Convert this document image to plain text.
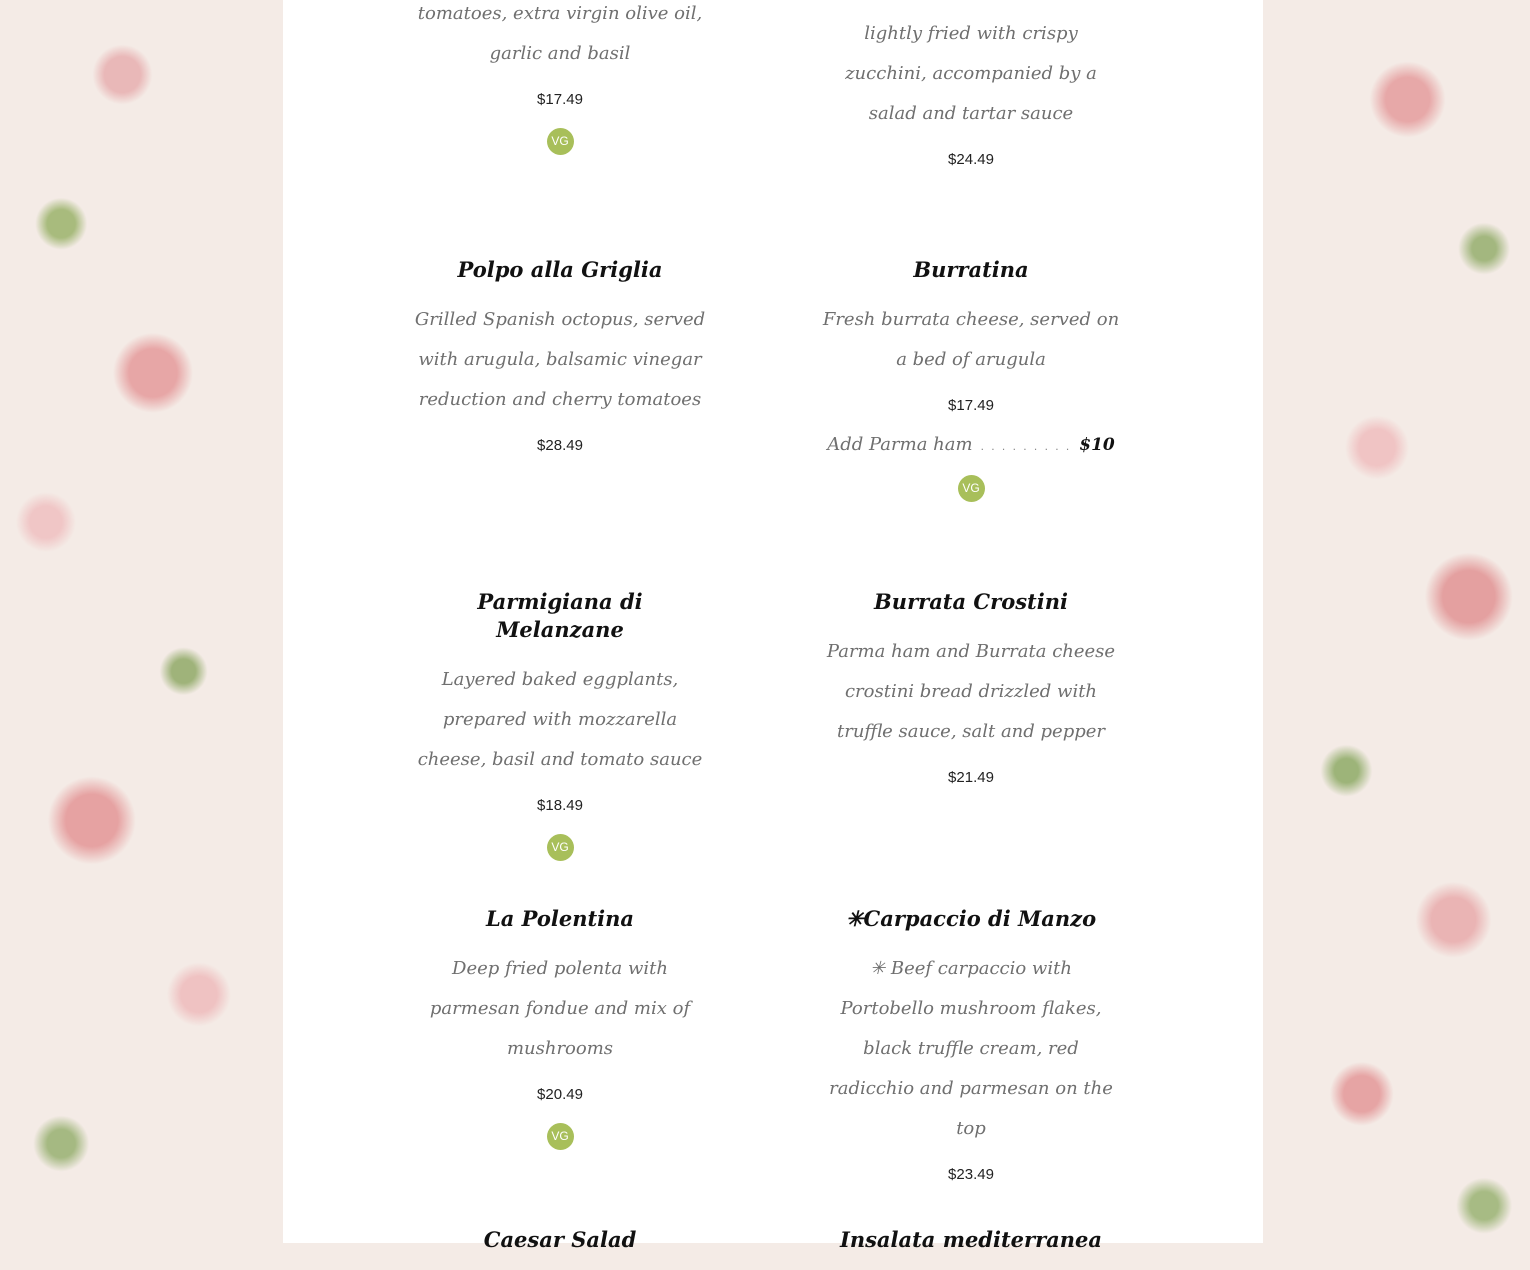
tomatoes, extra virgin olive oil, garlic and basil
$17.49
VG
lightly fried with crispy zucchini, accompanied by a salad and tartar sauce
$24.49
Polpo alla Griglia
Grilled Spanish octopus, served with arugula, balsamic vinegar reduction and cherry tomatoes
$28.49
Burratina
Fresh burrata cheese, served on a bed of arugula
$17.49
Add Parma ham . . . . . . . . . $10
VG
Parmigiana di Melanzane
Layered baked eggplants, prepared with mozzarella cheese, basil and tomato sauce
$18.49
VG
Burrata Crostini
Parma ham and Burrata cheese crostini bread drizzled with truffle sauce, salt and pepper
$21.49
La Polentina
Deep fried polenta with parmesan fondue and mix of mushrooms
$20.49
VG
✳Carpaccio di Manzo
✳ Beef carpaccio with Portobello mushroom flakes, black truffle cream, red radicchio and parmesan on the top
$23.49
Caesar Salad	Insalata mediterranea
